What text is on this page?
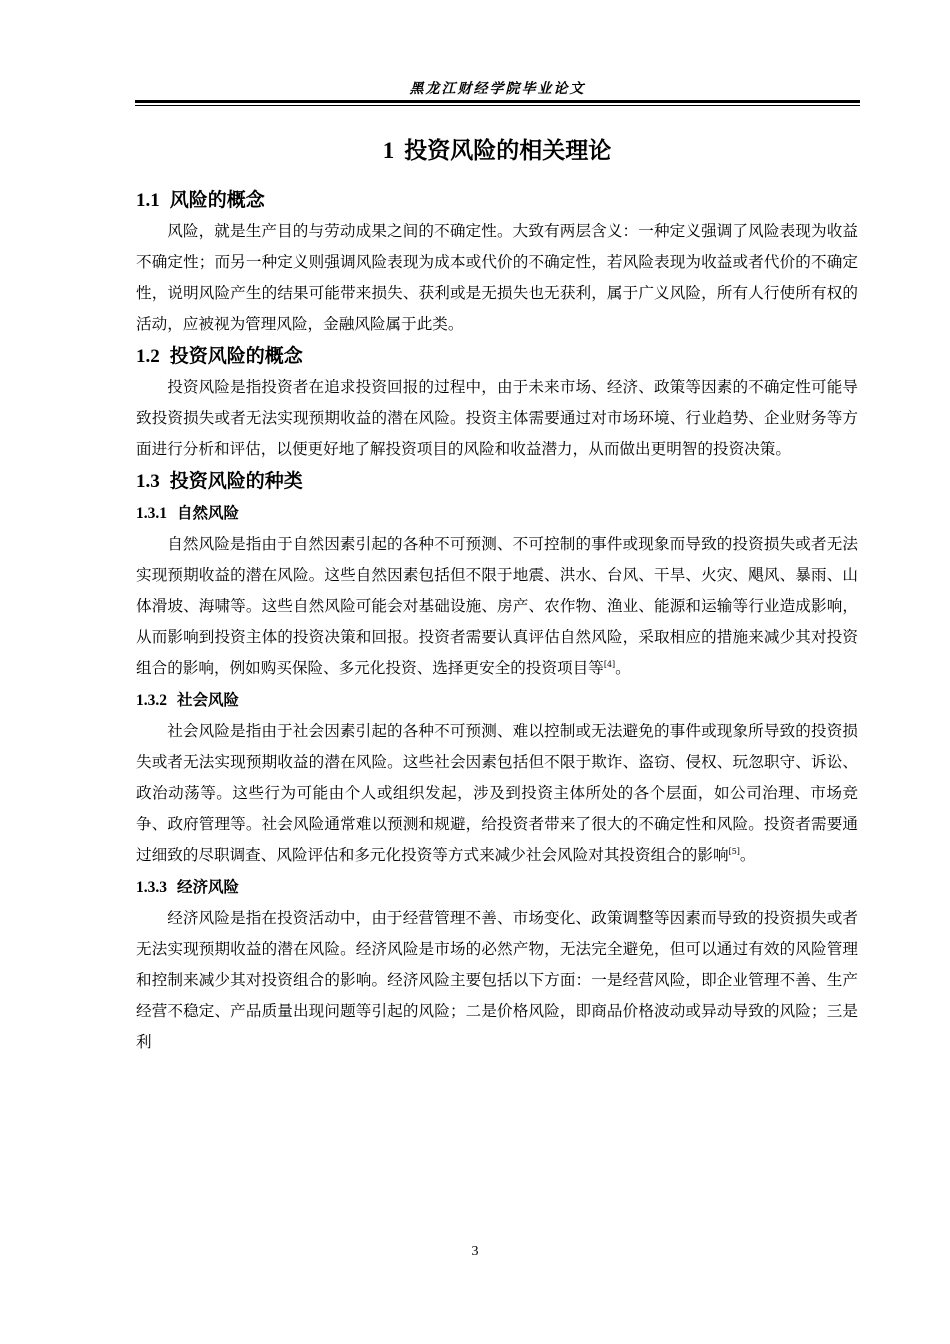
黑龙江财经学院毕业论文
1 投资风险的相关理论
1.1 风险的概念

风险，就是生产目的与劳动成果之间的不确定性。大致有两层含义：一种定义强调了风险表现为收益不确定性；而另一种定义则强调风险表现为成本或代价的不确定性，若风险表现为收益或者代价的不确定性，说明风险产生的结果可能带来损失、获利或是无损失也无获利，属于广义风险，所有人行使所有权的活动，应被视为管理风险，金融风险属于此类。

1.2 投资风险的概念

投资风险是指投资者在追求投资回报的过程中，由于未来市场、经济、政策等因素的不确定性可能导致投资损失或者无法实现预期收益的潜在风险。投资主体需要通过对市场环境、行业趋势、企业财务等方面进行分析和评估，以便更好地了解投资项目的风险和收益潜力，从而做出更明智的投资决策。

1.3 投资风险的种类
1.3.1 自然风险

自然风险是指由于自然因素引起的各种不可预测、不可控制的事件或现象而导致的投资损失或者无法实现预期收益的潜在风险。这些自然因素包括但不限于地震、洪水、台风、干旱、火灾、飓风、暴雨、山体滑坡、海啸等。这些自然风险可能会对基础设施、房产、农作物、渔业、能源和运输等行业造成影响，从而影响到投资主体的投资决策和回报。投资者需要认真评估自然风险，采取相应的措施来减少其对投资组合的影响，例如购买保险、多元化投资、选择更安全的投资项目等[4]。

1.3.2 社会风险

社会风险是指由于社会因素引起的各种不可预测、难以控制或无法避免的事件或现象所导致的投资损失或者无法实现预期收益的潜在风险。这些社会因素包括但不限于欺诈、盗窃、侵权、玩忽职守、诉讼、政治动荡等。这些行为可能由个人或组织发起，涉及到投资主体所处的各个层面，如公司治理、市场竞争、政府管理等。社会风险通常难以预测和规避，给投资者带来了很大的不确定性和风险。投资者需要通过细致的尽职调查、风险评估和多元化投资等方式来减少社会风险对其投资组合的影响[5]。

1.3.3 经济风险

经济风险是指在投资活动中，由于经营管理不善、市场变化、政策调整等因素而导致的投资损失或者无法实现预期收益的潜在风险。经济风险是市场的必然产物，无法完全避免，但可以通过有效的风险管理和控制来减少其对投资组合的影响。经济风险主要包括以下方面：一是经营风险，即企业管理不善、生产经营不稳定、产品质量出现问题等引起的风险；二是价格风险，即商品价格波动或异动导致的风险；三是利

3
